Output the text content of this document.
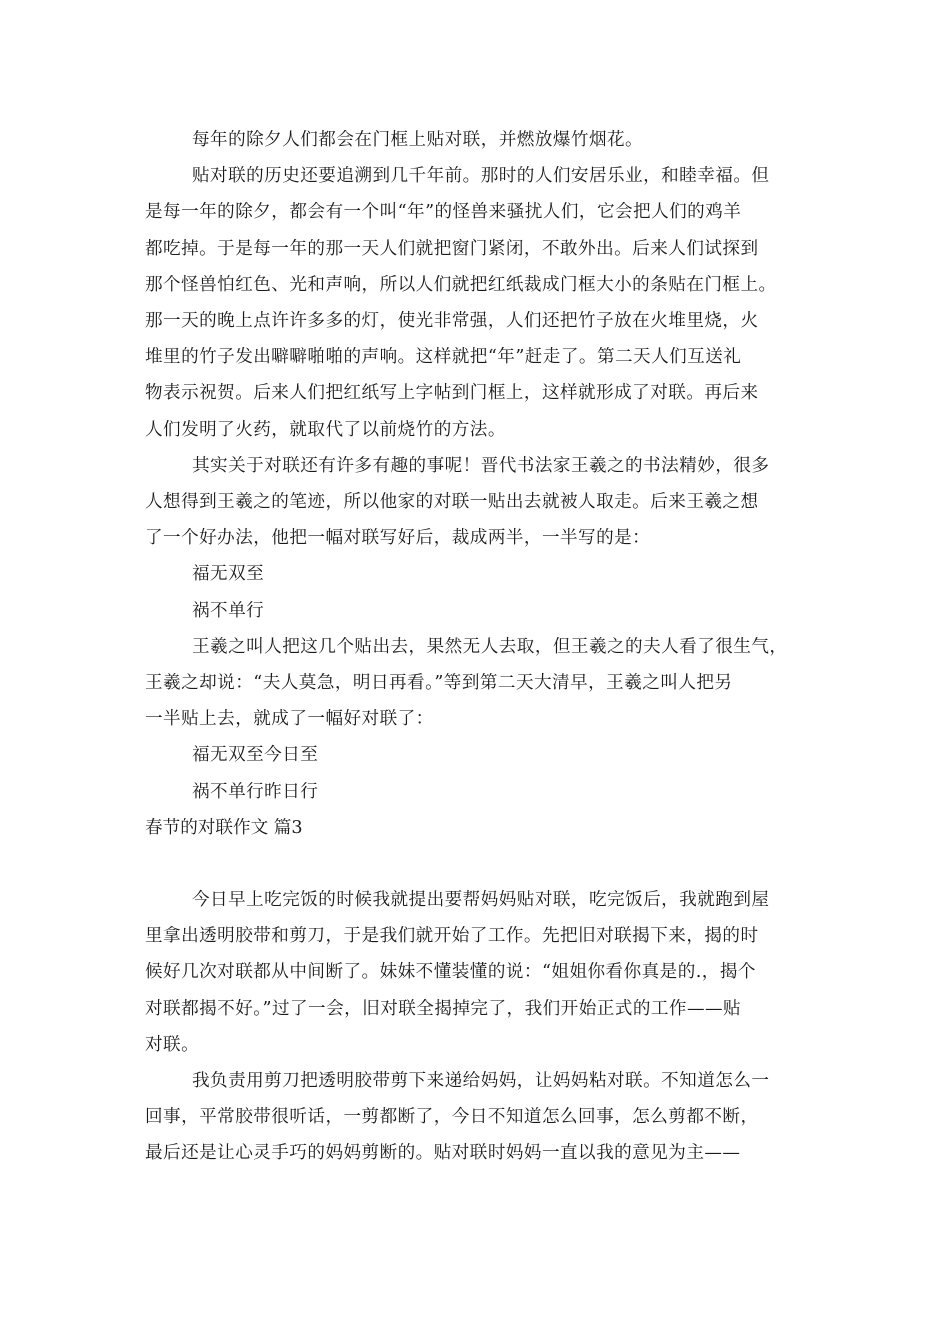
每年的除夕人们都会在门框上贴对联，并燃放爆竹烟花。
贴对联的历史还要追溯到几千年前。那时的人们安居乐业，和睦幸福。但
是每一年的除夕，都会有一个叫“年”的怪兽来骚扰人们，它会把人们的鸡羊
都吃掉。于是每一年的那一天人们就把窗门紧闭，不敢外出。后来人们试探到
那个怪兽怕红色、光和声响，所以人们就把红纸裁成门框大小的条贴在门框上。
那一天的晚上点许许多多的灯，使光非常强，人们还把竹子放在火堆里烧，火
堆里的竹子发出噼噼啪啪的声响。这样就把“年”赶走了。第二天人们互送礼
物表示祝贺。后来人们把红纸写上字帖到门框上，这样就形成了对联。再后来
人们发明了火药，就取代了以前烧竹的方法。
其实关于对联还有许多有趣的事呢！晋代书法家王羲之的书法精妙，很多
人想得到王羲之的笔迹，所以他家的对联一贴出去就被人取走。后来王羲之想
了一个好办法，他把一幅对联写好后，裁成两半，一半写的是：
福无双至
祸不单行
王羲之叫人把这几个贴出去，果然无人去取，但王羲之的夫人看了很生气，
王羲之却说：“夫人莫急，明日再看。”等到第二天大清早，王羲之叫人把另
一半贴上去，就成了一幅好对联了：
福无双至今日至
祸不单行昨日行
春节的对联作文 篇3
今日早上吃完饭的时候我就提出要帮妈妈贴对联，吃完饭后，我就跑到屋
里拿出透明胶带和剪刀，于是我们就开始了工作。先把旧对联揭下来，揭的时
候好几次对联都从中间断了。妹妹不懂装懂的说：“姐姐你看你真是的.，揭个
对联都揭不好。”过了一会，旧对联全揭掉完了，我们开始正式的工作——贴
对联。
我负责用剪刀把透明胶带剪下来递给妈妈，让妈妈粘对联。不知道怎么一
回事，平常胶带很听话，一剪都断了，今日不知道怎么回事，怎么剪都不断，
最后还是让心灵手巧的妈妈剪断的。贴对联时妈妈一直以我的意见为主——
